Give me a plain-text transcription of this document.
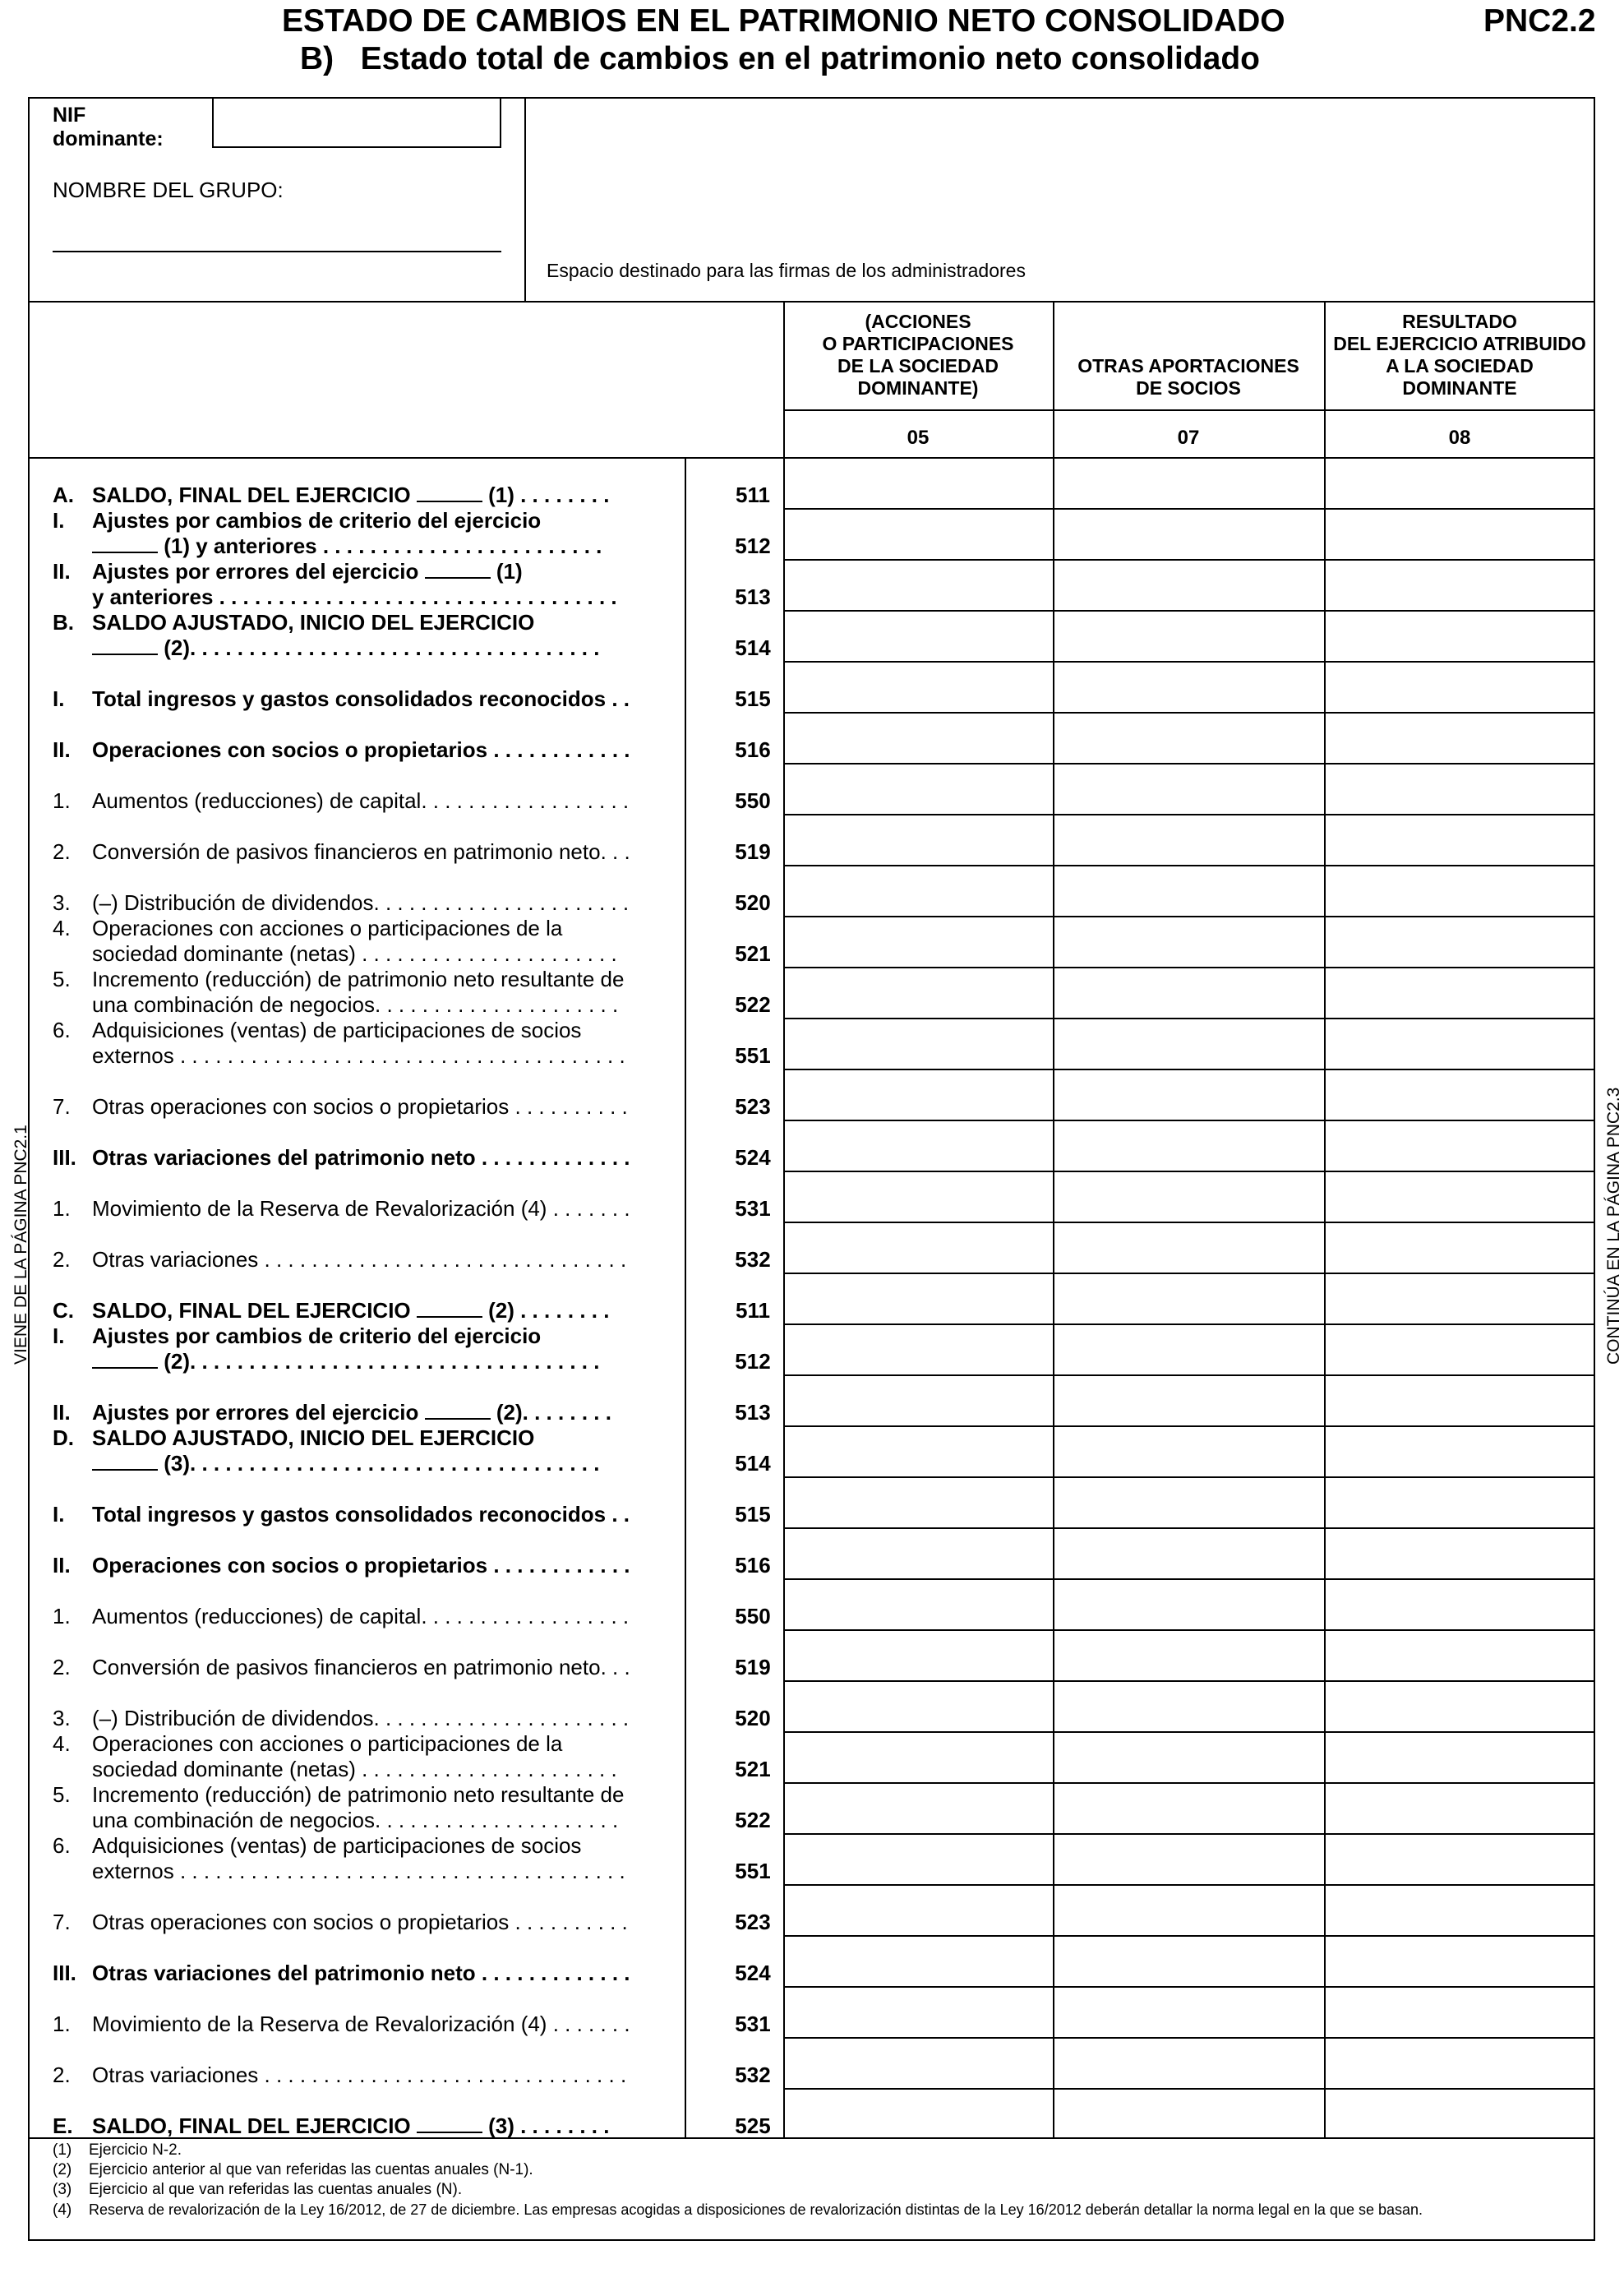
ESTADO DE CAMBIOS EN EL PATRIMONIO NETO CONSOLIDADO
B)   Estado total de cambios en el patrimonio neto consolidado
PNC2.2
NIF
dominante:
NOMBRE DEL GRUPO:
Espacio destinado para las firmas de los administradores
(ACCIONES
O PARTICIPACIONES
DE LA SOCIEDAD
DOMINANTE)
05
OTRAS APORTACIONES
DE SOCIOS
07
RESULTADO
DEL EJERCICIO ATRIBUIDO
A LA SOCIEDAD
DOMINANTE
08
A. SALDO, FINAL DEL EJERCICIO	(1) . . . . . . . .	511
I.	Ajustes por cambios de criterio del ejercicio
(1) y anteriores . . . . . . . . . . . . . . . . . . . . . . . .	512
II.	Ajustes por errores del ejercicio	(1)
y anteriores . . . . . . . . . . . . . . . . . . . . . . . . . . . . . . . . . .	513
B. SALDO AJUSTADO, INICIO DEL EJERCICIO
(2). . . . . . . . . . . . . . . . . . . . . . . . . . . . . . . . . . .	514
I.	Total ingresos y gastos consolidados reconocidos . .	515
II.	Operaciones con socios o propietarios . . . . . . . . . . . .	516
1.	Aumentos (reducciones) de capital. . . . . . . . . . . . . . . . . .	550
2.	Conversión de pasivos financieros en patrimonio neto. . .	519
3.	(–) Distribución de dividendos. . . . . . . . . . . . . . . . . . . . . .	520
4.	Operaciones con acciones o participaciones de la
sociedad dominante (netas) . . . . . . . . . . . . . . . . . . . . . .	521
5.	Incremento (reducción) de patrimonio neto resultante de
una combinación de negocios. . . . . . . . . . . . . . . . . . . . .	522
6.	Adquisiciones (ventas) de participaciones de socios
externos . . . . . . . . . . . . . . . . . . . . . . . . . . . . . . . . . . . . . .	551
7.	Otras operaciones con socios o propietarios . . . . . . . . . .	523
III. Otras variaciones del patrimonio neto . . . . . . . . . . . . .	524
1.	Movimiento de la Reserva de Revalorización (4) . . . . . . .	531
2.	Otras variaciones . . . . . . . . . . . . . . . . . . . . . . . . . . . . . . .	532
C. SALDO, FINAL DEL EJERCICIO	(2) . . . . . . . .	511
I.	Ajustes por cambios de criterio del ejercicio
(2). . . . . . . . . . . . . . . . . . . . . . . . . . . . . . . . . . .	512
II.	Ajustes por errores del ejercicio	(2). . . . . . . .	513
D. SALDO AJUSTADO, INICIO DEL EJERCICIO
(3). . . . . . . . . . . . . . . . . . . . . . . . . . . . . . . . . . .	514
I.	Total ingresos y gastos consolidados reconocidos . .	515
II.	Operaciones con socios o propietarios . . . . . . . . . . . .	516
1.	Aumentos (reducciones) de capital. . . . . . . . . . . . . . . . . .	550
2.	Conversión de pasivos financieros en patrimonio neto. . .	519
3.	(–) Distribución de dividendos. . . . . . . . . . . . . . . . . . . . . .	520
4.	Operaciones con acciones o participaciones de la
sociedad dominante (netas) . . . . . . . . . . . . . . . . . . . . . .	521
5.	Incremento (reducción) de patrimonio neto resultante de
una combinación de negocios. . . . . . . . . . . . . . . . . . . . .	522
6.	Adquisiciones (ventas) de participaciones de socios
externos . . . . . . . . . . . . . . . . . . . . . . . . . . . . . . . . . . . . . .	551
7.	Otras operaciones con socios o propietarios . . . . . . . . . .	523
III. Otras variaciones del patrimonio neto . . . . . . . . . . . . .	524
1.	Movimiento de la Reserva de Revalorización (4) . . . . . . .	531
2.	Otras variaciones . . . . . . . . . . . . . . . . . . . . . . . . . . . . . . .	532
E. SALDO, FINAL DEL EJERCICIO	(3) . . . . . . . .	525
VIENE DE LA PÁGINA PNC2.1	CONTINÚA EN LA PÁGINA PNC2.3
(1) Ejercicio N-2.
(2) Ejercicio anterior al que van referidas las cuentas anuales (N-1).
(3) Ejercicio al que van referidas las cuentas anuales (N).
(4) Reserva de revalorización de la Ley 16/2012, de 27 de diciembre. Las empresas acogidas a disposiciones de revalorización distintas de la Ley 16/2012 deberán detallar la norma legal en la que se basan.
